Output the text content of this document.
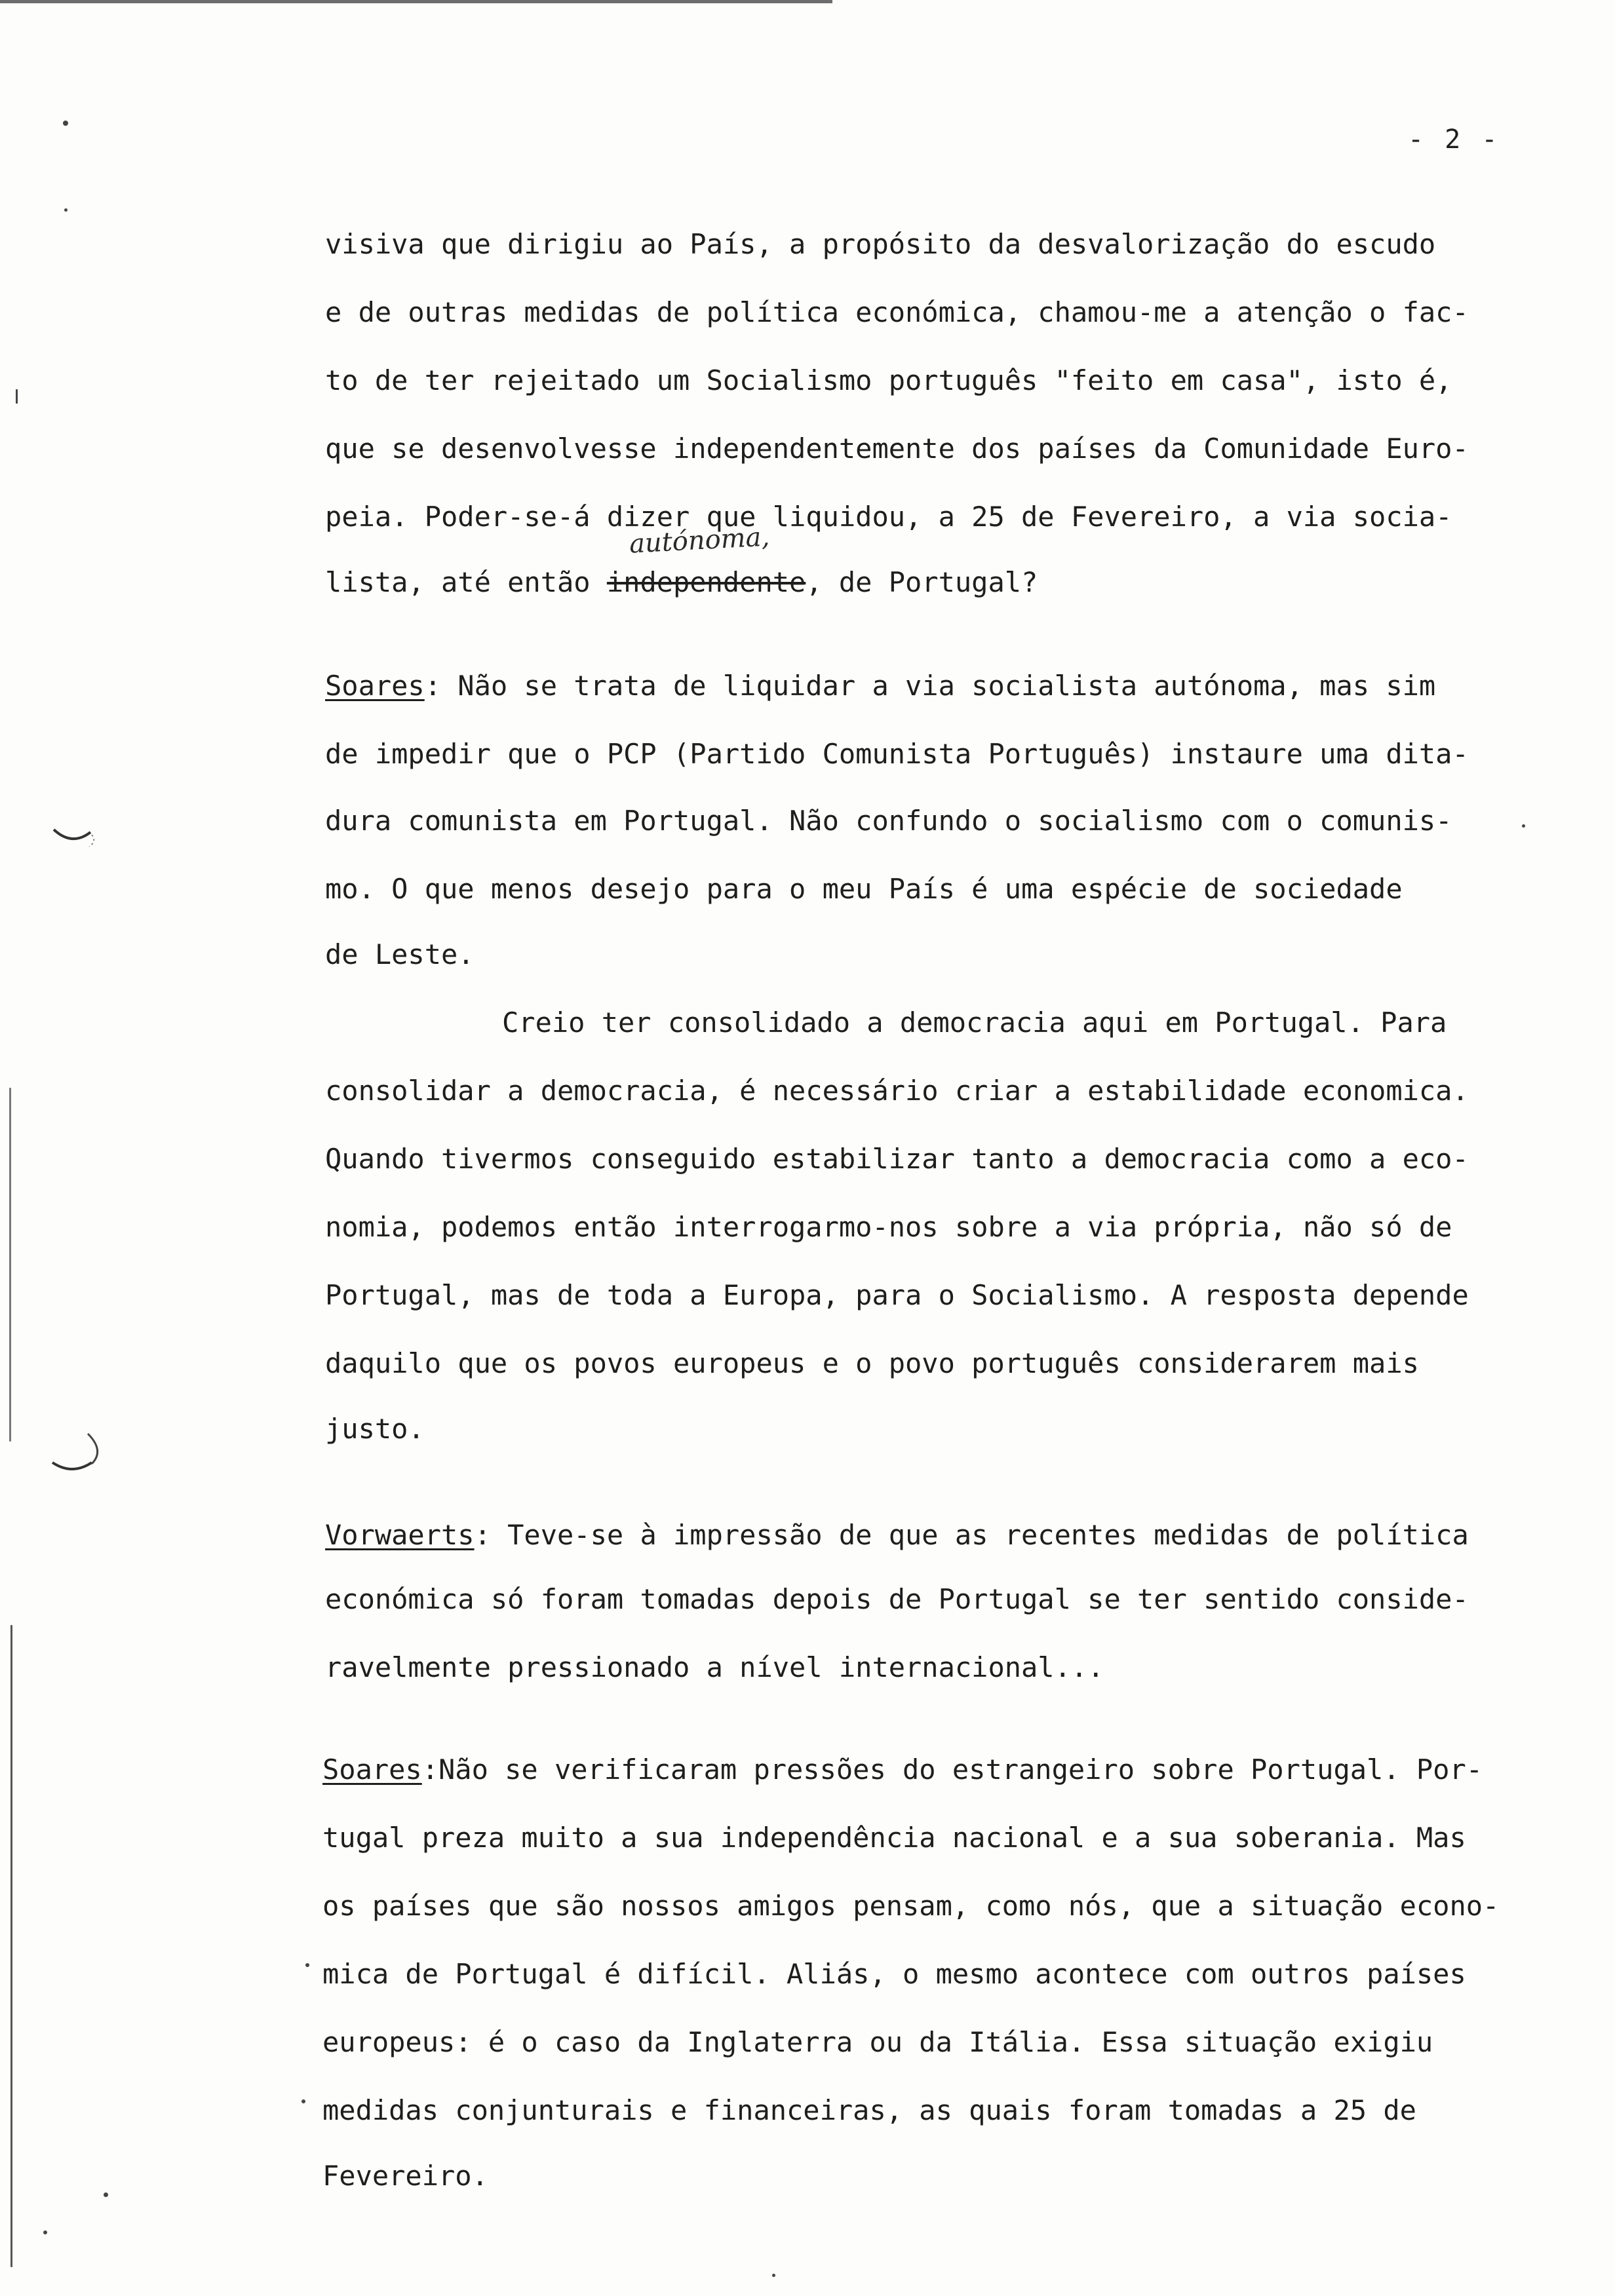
- 2 -
visiva que dirigiu ao País, a propósito da desvalorização do escudo
e de outras medidas de política económica, chamou-me a atenção o fac-
to de ter rejeitado um Socialismo português "feito em casa", isto é,
que se desenvolvesse independentemente dos países da Comunidade Euro-
peia. Poder-se-á dizer que liquidou, a 25 de Fevereiro, a via socia-
autónoma,
lista, até então independente, de Portugal?
Soares: Não se trata de liquidar a via socialista autónoma, mas sim
de impedir que o PCP (Partido Comunista Português) instaure uma dita-
dura comunista em Portugal. Não confundo o socialismo com o comunis-
mo. O que menos desejo para o meu País é uma espécie de sociedade
de Leste.
Creio ter consolidado a democracia aqui em Portugal. Para
consolidar a democracia, é necessário criar a estabilidade economica.
Quando tivermos conseguido estabilizar tanto a democracia como a eco-
nomia, podemos então interrogarmo-nos sobre a via própria, não só de
Portugal, mas de toda a Europa, para o Socialismo. A resposta depende
daquilo que os povos europeus e o povo português considerarem mais
justo.
Vorwaerts: Teve-se à impressão de que as recentes medidas de política
económica só foram tomadas depois de Portugal se ter sentido conside-
ravelmente pressionado a nível internacional...
Soares:Não se verificaram pressões do estrangeiro sobre Portugal. Por-
tugal preza muito a sua independência nacional e a sua soberania. Mas
os países que são nossos amigos pensam, como nós, que a situação econo-
mica de Portugal é difícil. Aliás, o mesmo acontece com outros países
europeus: é o caso da Inglaterra ou da Itália. Essa situação exigiu
medidas conjunturais e financeiras, as quais foram tomadas a 25 de
Fevereiro.
